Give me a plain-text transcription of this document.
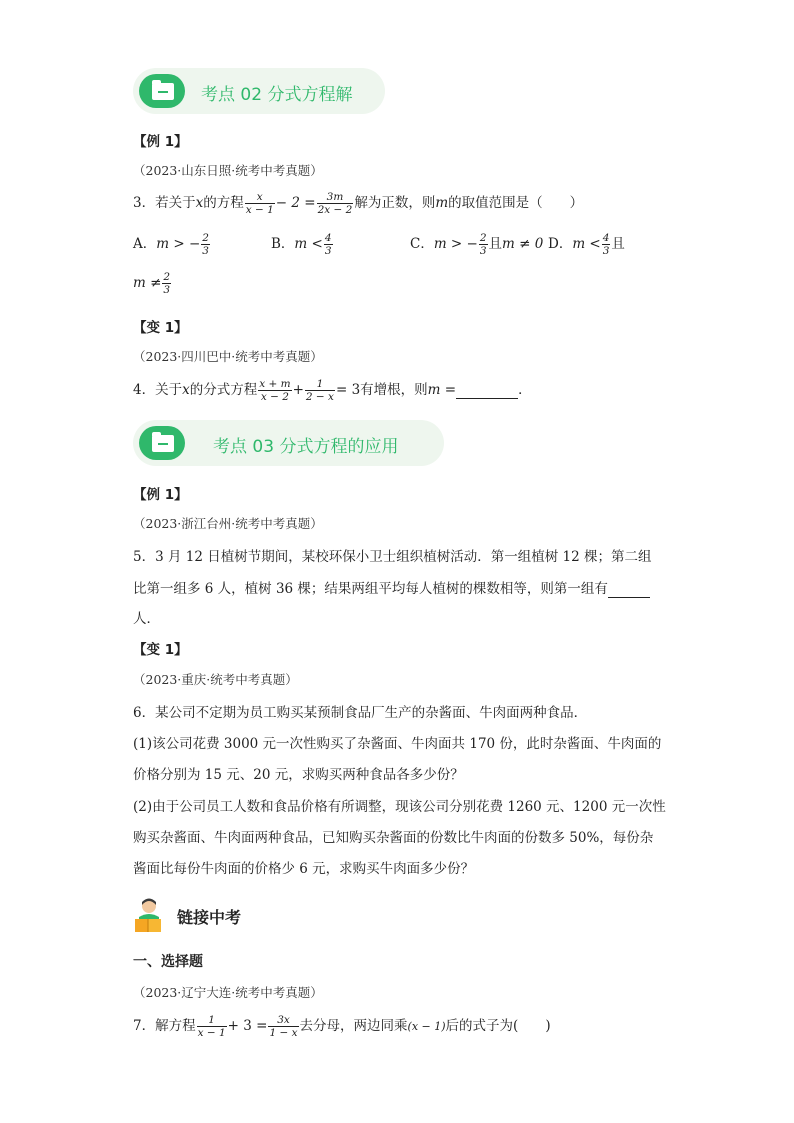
考点 02 分式方程解
【例 1】
（2023·山东日照·统考中考真题）
3．若关于x的方程 $\frac{x}{x - 1} - 2 = \frac{3m}{2x - 2}$ 解为正数，则m的取值范围是（　　）
A．m > − $\frac{2}{3}$	B．$m < \frac{4}{3}$	C．m > − $\frac{2}{3}$ 且m ≠ 0 D．$m < \frac{4}{3}$ 且
$m \ne \frac{2}{3}$
【变 1】
（2023·四川巴中·统考中考真题）
4．关于x的分式方程 $\frac{x + m}{x - 2} + \frac{1}{2 - x} = 3$有增根，则m =	．
考点 03 分式方程的应用
【例 1】
（2023·浙江台州·统考中考真题）
5．3 月 12 日植树节期间，某校环保小卫士组织植树活动．第一组植树 12 棵；第二组
比第一组多 6 人，植树 36 棵；结果两组平均每人植树的棵数相等，则第一组有
人．
【变 1】
（2023·重庆·统考中考真题）
6．某公司不定期为员工购买某预制食品厂生产的杂酱面、牛肉面两种食品．
(1)该公司花费 3000 元一次性购买了杂酱面、牛肉面共 170 份，此时杂酱面、牛肉面的
价格分别为 15 元、20 元，求购买两种食品各多少份？
(2)由于公司员工人数和食品价格有所调整，现该公司分别花费 1260 元、1200 元一次性
购买杂酱面、牛肉面两种食品，已知购买杂酱面的份数比牛肉面的份数多 50%，每份杂
酱面比每份牛肉面的价格少 6 元，求购买牛肉面多少份？
链接中考
一、选择题
（2023·辽宁大连·统考中考真题）
7．解方程 $\frac{1}{x - 1} + 3 = \frac{3x}{1 - x}$ 去分母，两边同乘(x − 1)后的式子为(　　)
